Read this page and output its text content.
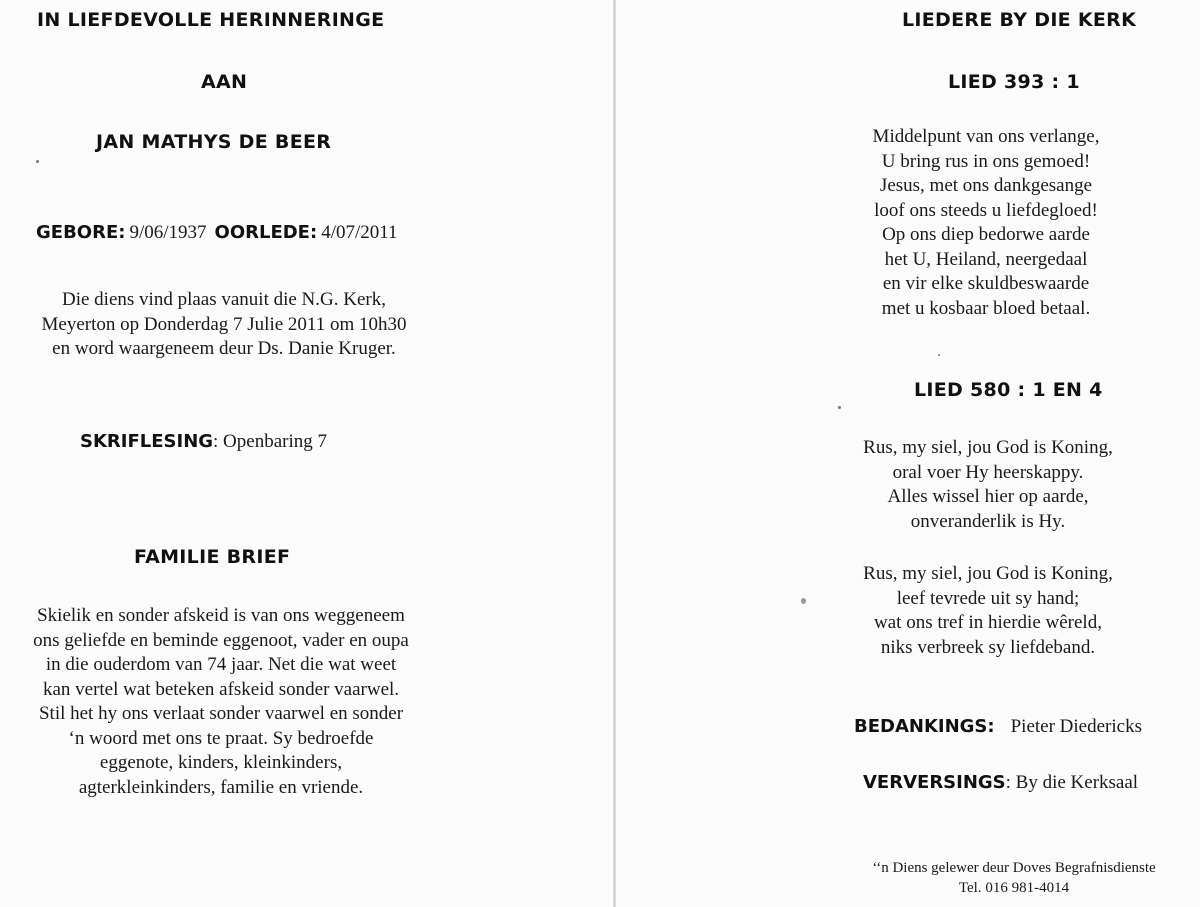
IN LIEFDEVOLLE HERINNERINGE
AAN
JAN MATHYS DE BEER
GEBORE: 9/06/1937 OORLEDE: 4/07/2011
Die diens vind plaas vanuit die N.G. Kerk,
Meyerton op Donderdag 7 Julie 2011 om 10h30
en word waargeneem deur Ds. Danie Kruger.
SKRIFLESING: Openbaring 7
FAMILIE BRIEF
Skielik en sonder afskeid is van ons weggeneem
ons geliefde en beminde eggenoot, vader en oupa
in die ouderdom van 74 jaar. Net die wat weet
kan vertel wat beteken afskeid sonder vaarwel.
Stil het hy ons verlaat sonder vaarwel en sonder
‘n woord met ons te praat. Sy bedroefde
eggenote, kinders, kleinkinders,
agterkleinkinders, familie en vriende.
LIEDERE BY DIE KERK
LIED 393 : 1
Middelpunt van ons verlange,
U bring rus in ons gemoed!
Jesus, met ons dankgesange
loof ons steeds u liefdegloed!
Op ons diep bedorwe aarde
het U, Heiland, neergedaal
en vir elke skuldbeswaarde
met u kosbaar bloed betaal.
LIED 580 : 1 EN 4
Rus, my siel, jou God is Koning,
oral voer Hy heerskappy.
Alles wissel hier op aarde,
onveranderlik is Hy.
Rus, my siel, jou God is Koning,
leef tevrede uit sy hand;
wat ons tref in hierdie wêreld,
niks verbreek sy liefdeband.
BEDANKINGS: Pieter Diedericks
VERVERSINGS: By die Kerksaal
‘‘n Diens gelewer deur Doves Begrafnisdienste
Tel. 016 981-4014
